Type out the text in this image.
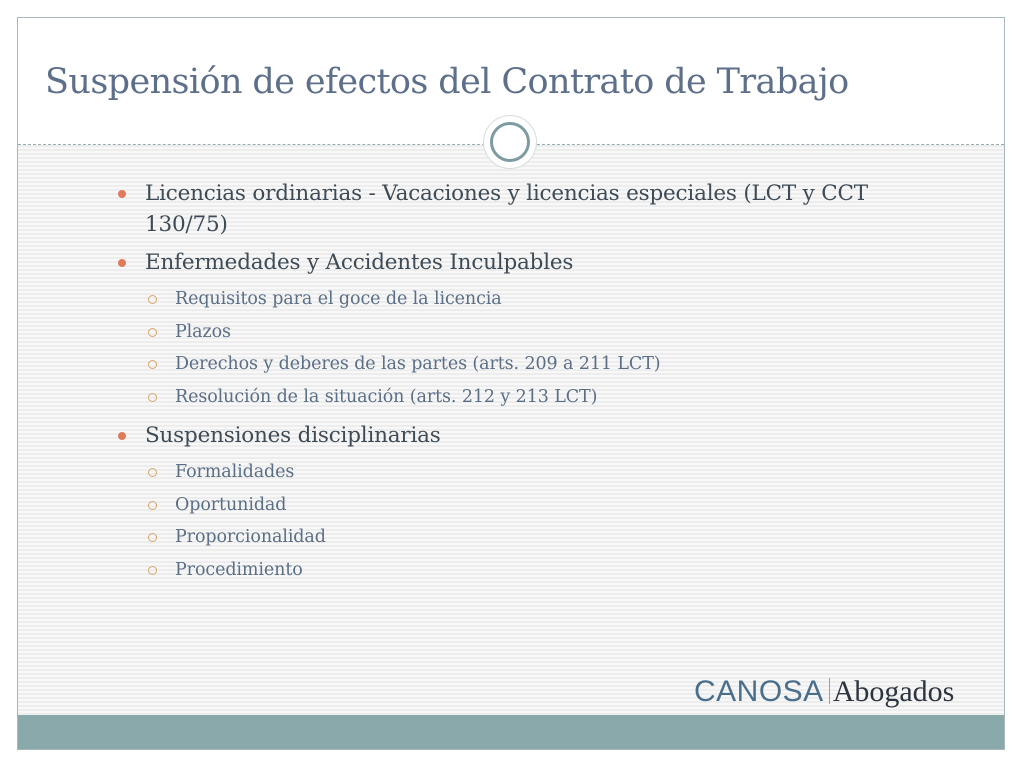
Suspensión de efectos del Contrato de Trabajo
CANOSA Abogados
Licencias ordinarias - Vacaciones y licencias especiales (LCT y CCT 130/75)
Enfermedades y Accidentes Inculpables
Requisitos para el goce de la licencia
Plazos
Derechos y deberes de las partes (arts. 209 a 211 LCT)
Resolución de la situación (arts. 212 y 213 LCT)
Suspensiones disciplinarias
Formalidades
Oportunidad
Proporcionalidad
Procedimiento
